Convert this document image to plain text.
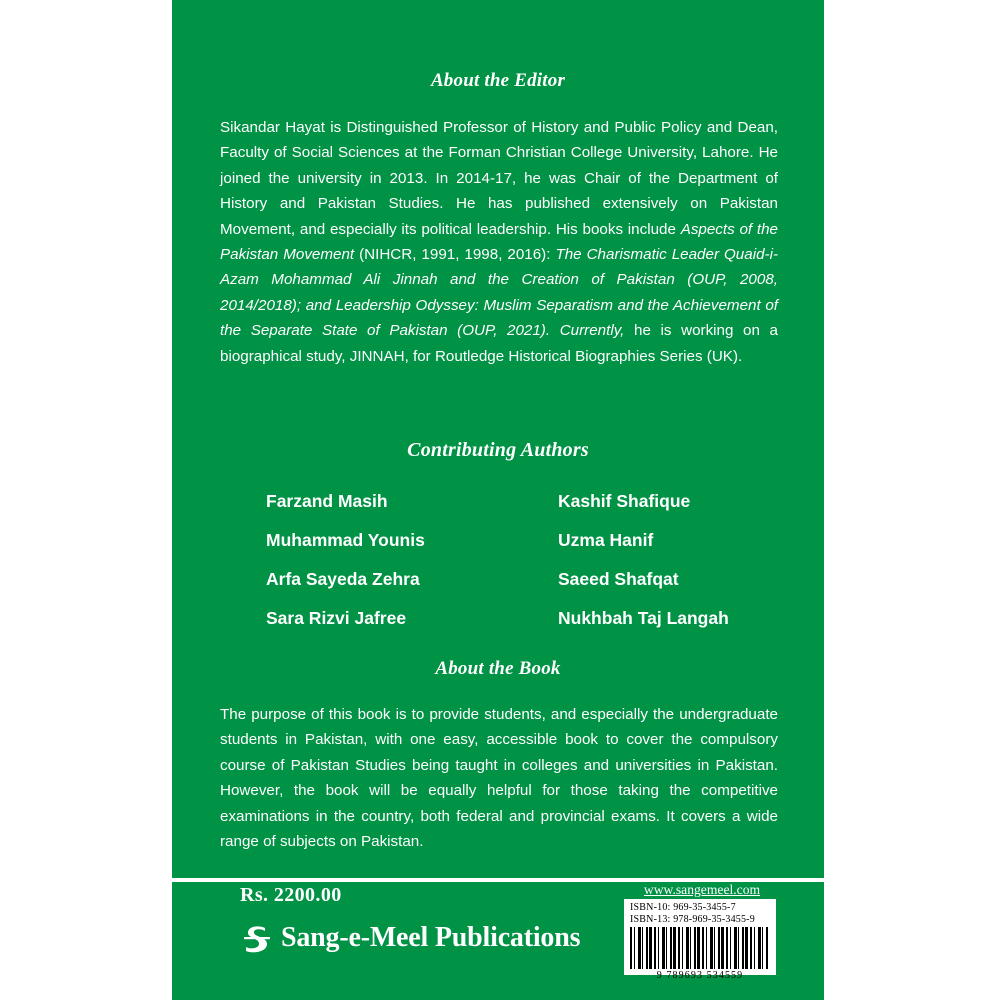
About the Editor

Sikandar Hayat is Distinguished Professor of History and Public Policy and Dean, Faculty of Social Sciences at the Forman Christian College University, Lahore. He joined the university in 2013. In 2014-17, he was Chair of the Department of History and Pakistan Studies. He has published extensively on Pakistan Movement, and especially its political leadership. His books include Aspects of the Pakistan Movement (NIHCR, 1991, 1998, 2016): The Charismatic Leader Quaid-i-Azam Mohammad Ali Jinnah and the Creation of Pakistan (OUP, 2008, 2014/2018); and Leadership Odyssey: Muslim Separatism and the Achievement of the Separate State of Pakistan (OUP, 2021). Currently, he is working on a biographical study, JINNAH, for Routledge Historical Biographies Series (UK).

Contributing Authors
Farzand Masih	Kashif Shafique
Muhammad Younis	Uzma Hanif
Arfa Sayeda Zehra	Saeed Shafqat
Sara Rizvi Jafree	Nukhbah Taj Langah
About the Book

The purpose of this book is to provide students, and especially the undergraduate students in Pakistan, with one easy, accessible book to cover the compulsory course of Pakistan Studies being taught in colleges and universities in Pakistan. However, the book will be equally helpful for those taking the competitive examinations in the country, both federal and provincial exams. It covers a wide range of subjects on Pakistan.

Rs. 2200.00
Sang-e-Meel Publications
www.sangemeel.com
ISBN-10: 969-35-3455-7
ISBN-13: 978-969-35-3455-9
9 789693 534559
